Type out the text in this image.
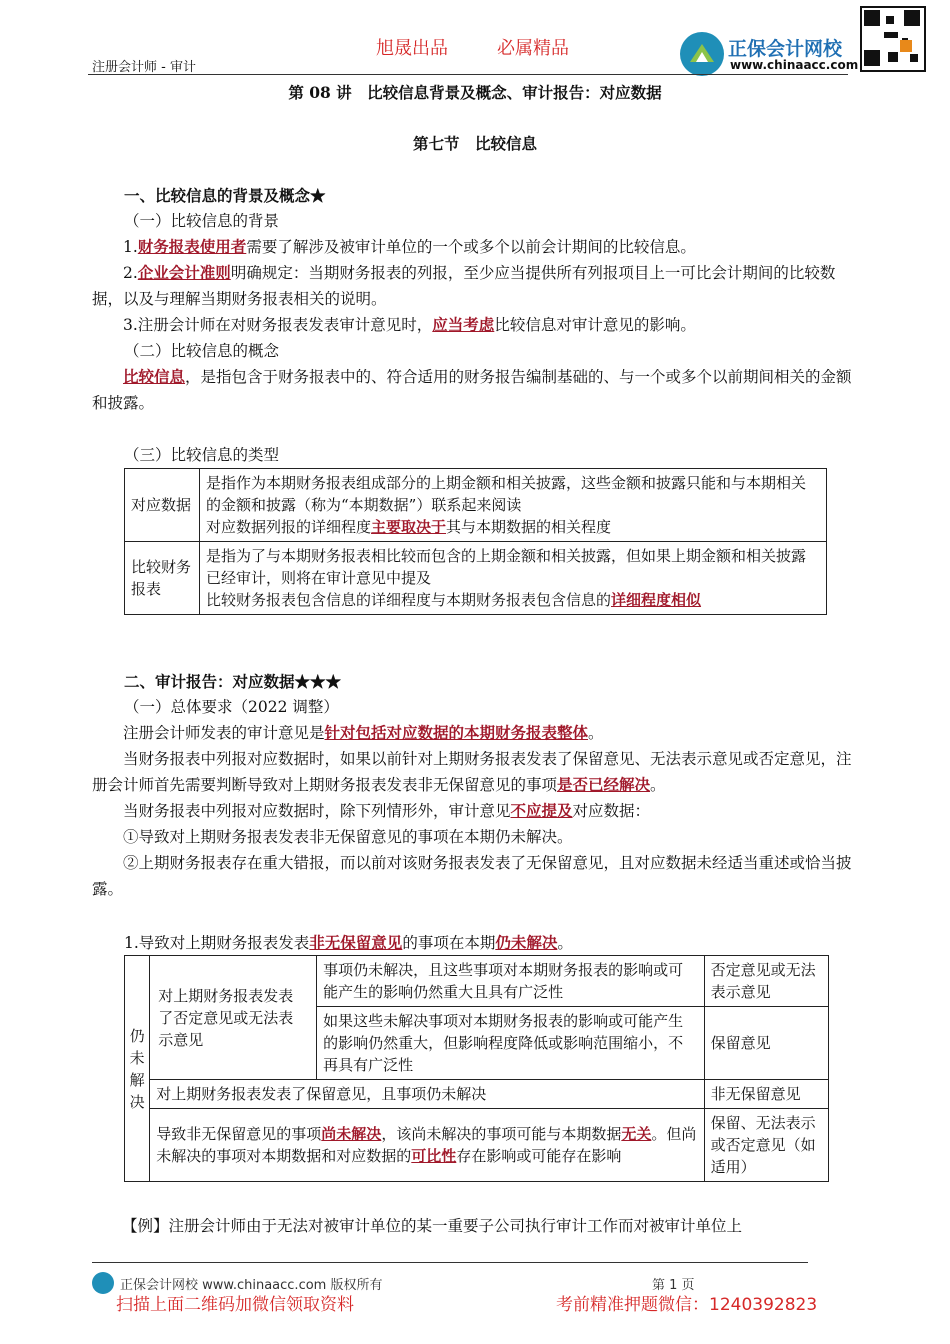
旭晟出品	必属精品
注册会计师 - 审计
正保会计网校
www.chinaacc.com
第 08 讲　比较信息背景及概念、审计报告：对应数据
第七节　比较信息
一、比较信息的背景及概念★
（一）比较信息的背景
1.财务报表使用者需要了解涉及被审计单位的一个或多个以前会计期间的比较信息。
2.企业会计准则明确规定：当期财务报表的列报，至少应当提供所有列报项目上一可比会计期间的比较数据，以及与理解当期财务报表相关的说明。
3.注册会计师在对财务报表发表审计意见时，应当考虑比较信息对审计意见的影响。
（二）比较信息的概念
比较信息，是指包含于财务报表中的、符合适用的财务报告编制基础的、与一个或多个以前期间相关的金额和披露。
（三）比较信息的类型
对应数据	是指作为本期财务报表组成部分的上期金额和相关披露，这些金额和披露只能和与本期相关的金额和披露（称为“本期数据”）联系起来阅读
对应数据列报的详细程度主要取决于其与本期数据的相关程度

比较财务报表	是指为了与本期财务报表相比较而包含的上期金额和相关披露，但如果上期金额和相关披露已经审计，则将在审计意见中提及
比较财务报表包含信息的详细程度与本期财务报表包含信息的详细程度相似
二、审计报告：对应数据★★★
（一）总体要求（2022 调整）
注册会计师发表的审计意见是针对包括对应数据的本期财务报表整体。
当财务报表中列报对应数据时，如果以前针对上期财务报表发表了保留意见、无法表示意见或否定意见，注册会计师首先需要判断导致对上期财务报表发表非无保留意见的事项是否已经解决。
当财务报表中列报对应数据时，除下列情形外，审计意见不应提及对应数据：
①导致对上期财务报表发表非无保留意见的事项在本期仍未解决。
②上期财务报表存在重大错报，而以前对该财务报表发表了无保留意见，且对应数据未经适当重述或恰当披露。
1.导致对上期财务报表发表非无保留意见的事项在本期仍未解决。
仍未解决	对上期财务报表发表了否定意见或无法表示意见	事项仍未解决，且这些事项对本期财务报表的影响或可能产生的影响仍然重大且具有广泛性	否定意见或无法表示意见
		如果这些未解决事项对本期财务报表的影响或可能产生的影响仍然重大，但影响程度降低或影响范围缩小，不再具有广泛性	保留意见
	对上期财务报表发表了保留意见，且事项仍未解决		非无保留意见
	导致非无保留意见的事项尚未解决，该尚未解决的事项可能与本期数据无关。但尚未解决的事项对本期数据和对应数据的可比性存在影响或可能存在影响		保留、无法表示或否定意见（如适用）
【例】注册会计师由于无法对被审计单位的某一重要子公司执行审计工作而对被审计单位上
正保会计网校 www.chinaacc.com 版权所有	第 1 页
扫描上面二维码加微信领取资料	考前精准押题微信：1240392823
